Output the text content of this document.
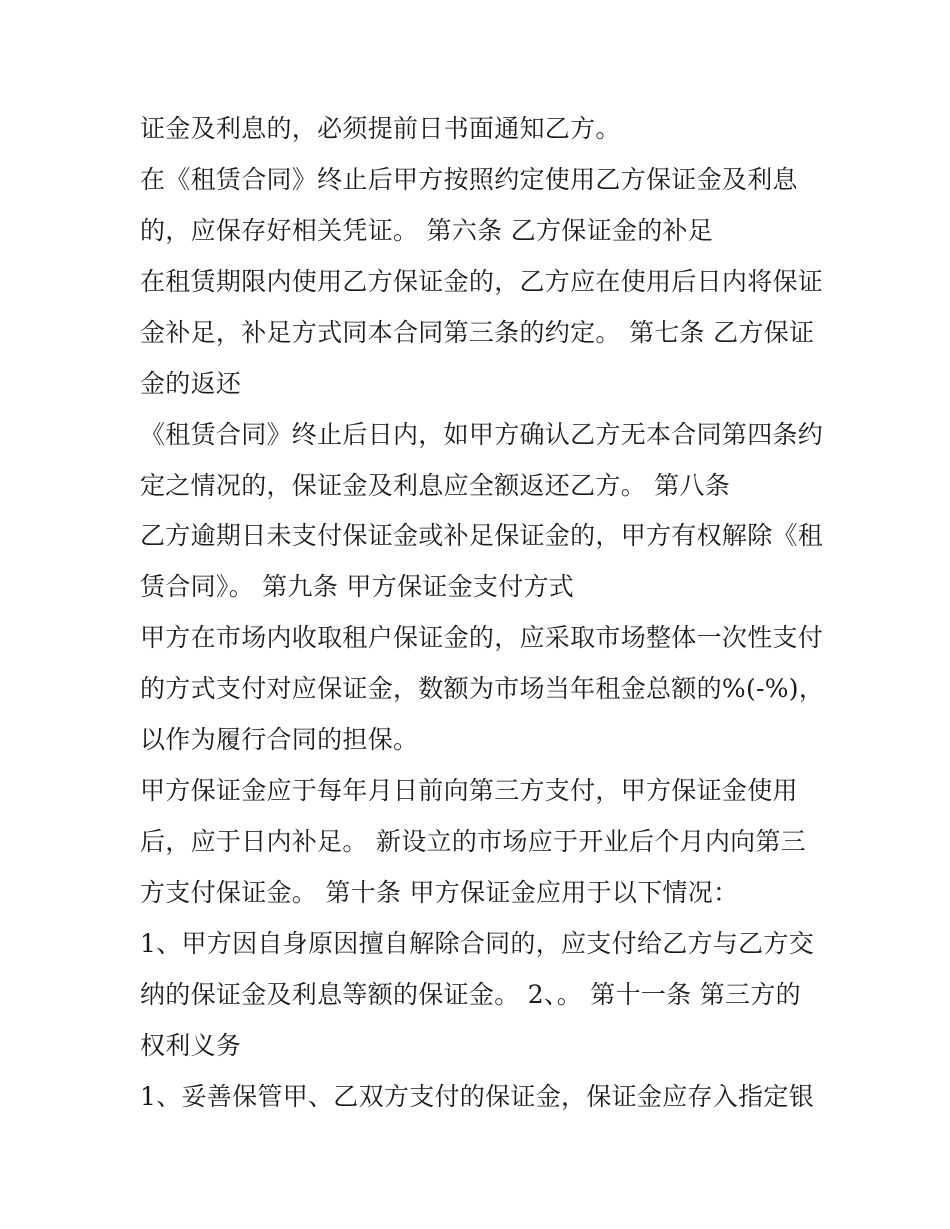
证金及利息的，必须提前日书面通知乙方。
在《租赁合同》终止后甲方按照约定使用乙方保证金及利息
的，应保存好相关凭证。 第六条 乙方保证金的补足
在租赁期限内使用乙方保证金的，乙方应在使用后日内将保证
金补足，补足方式同本合同第三条的约定。 第七条 乙方保证
金的返还
《租赁合同》终止后日内，如甲方确认乙方无本合同第四条约
定之情况的，保证金及利息应全额返还乙方。 第八条
乙方逾期日未支付保证金或补足保证金的，甲方有权解除《租
赁合同》。 第九条 甲方保证金支付方式
甲方在市场内收取租户保证金的，应采取市场整体一次性支付
的方式支付对应保证金，数额为市场当年租金总额的%(-%)，
以作为履行合同的担保。
甲方保证金应于每年月日前向第三方支付，甲方保证金使用
后，应于日内补足。 新设立的市场应于开业后个月内向第三
方支付保证金。 第十条 甲方保证金应用于以下情况：
1、甲方因自身原因擅自解除合同的，应支付给乙方与乙方交
纳的保证金及利息等额的保证金。 2、。 第十一条 第三方的
权利义务
1、妥善保管甲、乙双方支付的保证金，保证金应存入指定银
